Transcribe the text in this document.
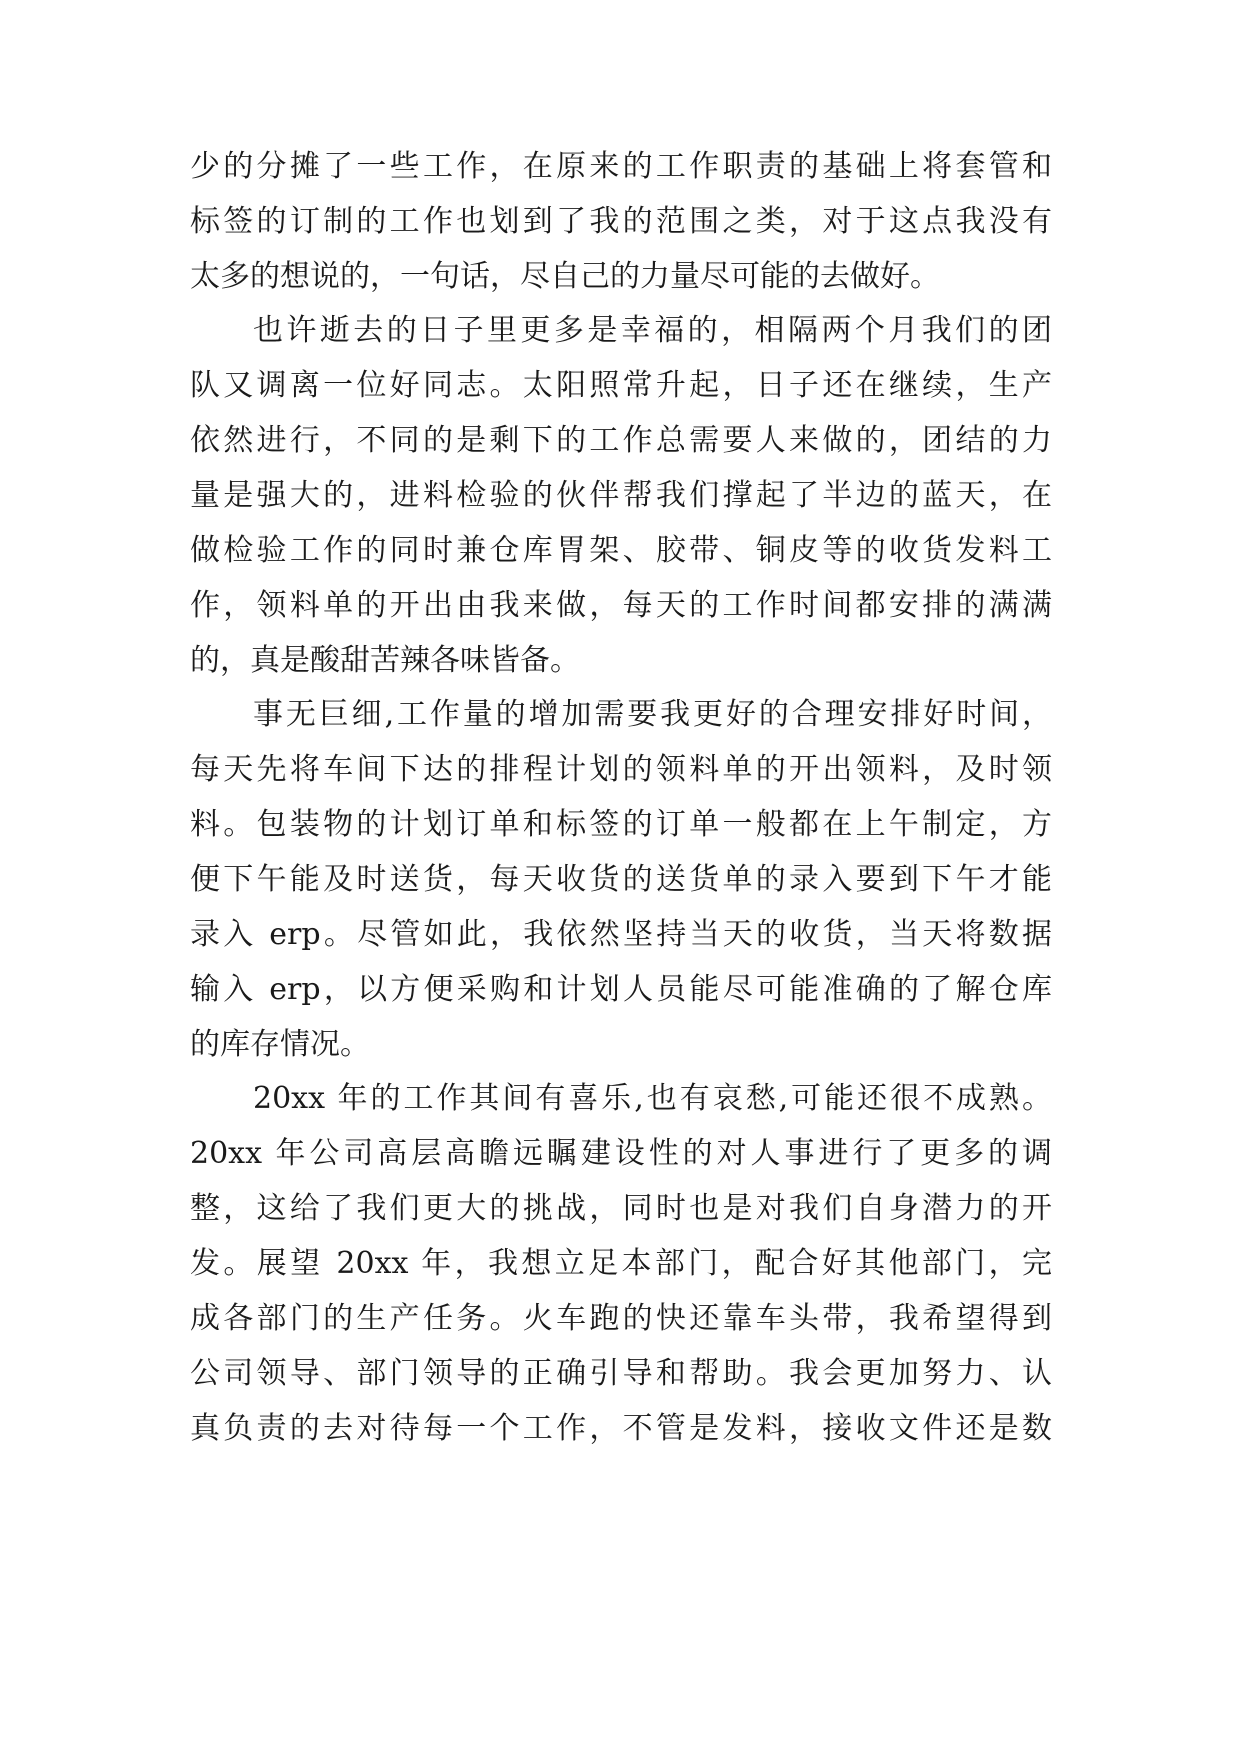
少的分摊了一些工作，在原来的工作职责的基础上将套管和
标签的订制的工作也划到了我的范围之类，对于这点我没有
太多的想说的，一句话，尽自己的力量尽可能的去做好。
也许逝去的日子里更多是幸福的，相隔两个月我们的团
队又调离一位好同志。太阳照常升起，日子还在继续，生产
依然进行，不同的是剩下的工作总需要人来做的，团结的力
量是强大的，进料检验的伙伴帮我们撑起了半边的蓝天，在
做检验工作的同时兼仓库胃架、胶带、铜皮等的收货发料工
作，领料单的开出由我来做，每天的工作时间都安排的满满
的，真是酸甜苦辣各味皆备。
事无巨细,工作量的增加需要我更好的合理安排好时间，
每天先将车间下达的排程计划的领料单的开出领料，及时领
料。包装物的计划订单和标签的订单一般都在上午制定，方
便下午能及时送货，每天收货的送货单的录入要到下午才能
录入 erp。尽管如此，我依然坚持当天的收货，当天将数据
输入 erp，以方便采购和计划人员能尽可能准确的了解仓库
的库存情况。
20xx 年的工作其间有喜乐,也有哀愁,可能还很不成熟。
20xx 年公司高层高瞻远瞩建设性的对人事进行了更多的调
整，这给了我们更大的挑战，同时也是对我们自身潜力的开
发。展望 20xx 年，我想立足本部门，配合好其他部门，完
成各部门的生产任务。火车跑的快还靠车头带，我希望得到
公司领导、部门领导的正确引导和帮助。我会更加努力、认
真负责的去对待每一个工作，不管是发料，接收文件还是数
